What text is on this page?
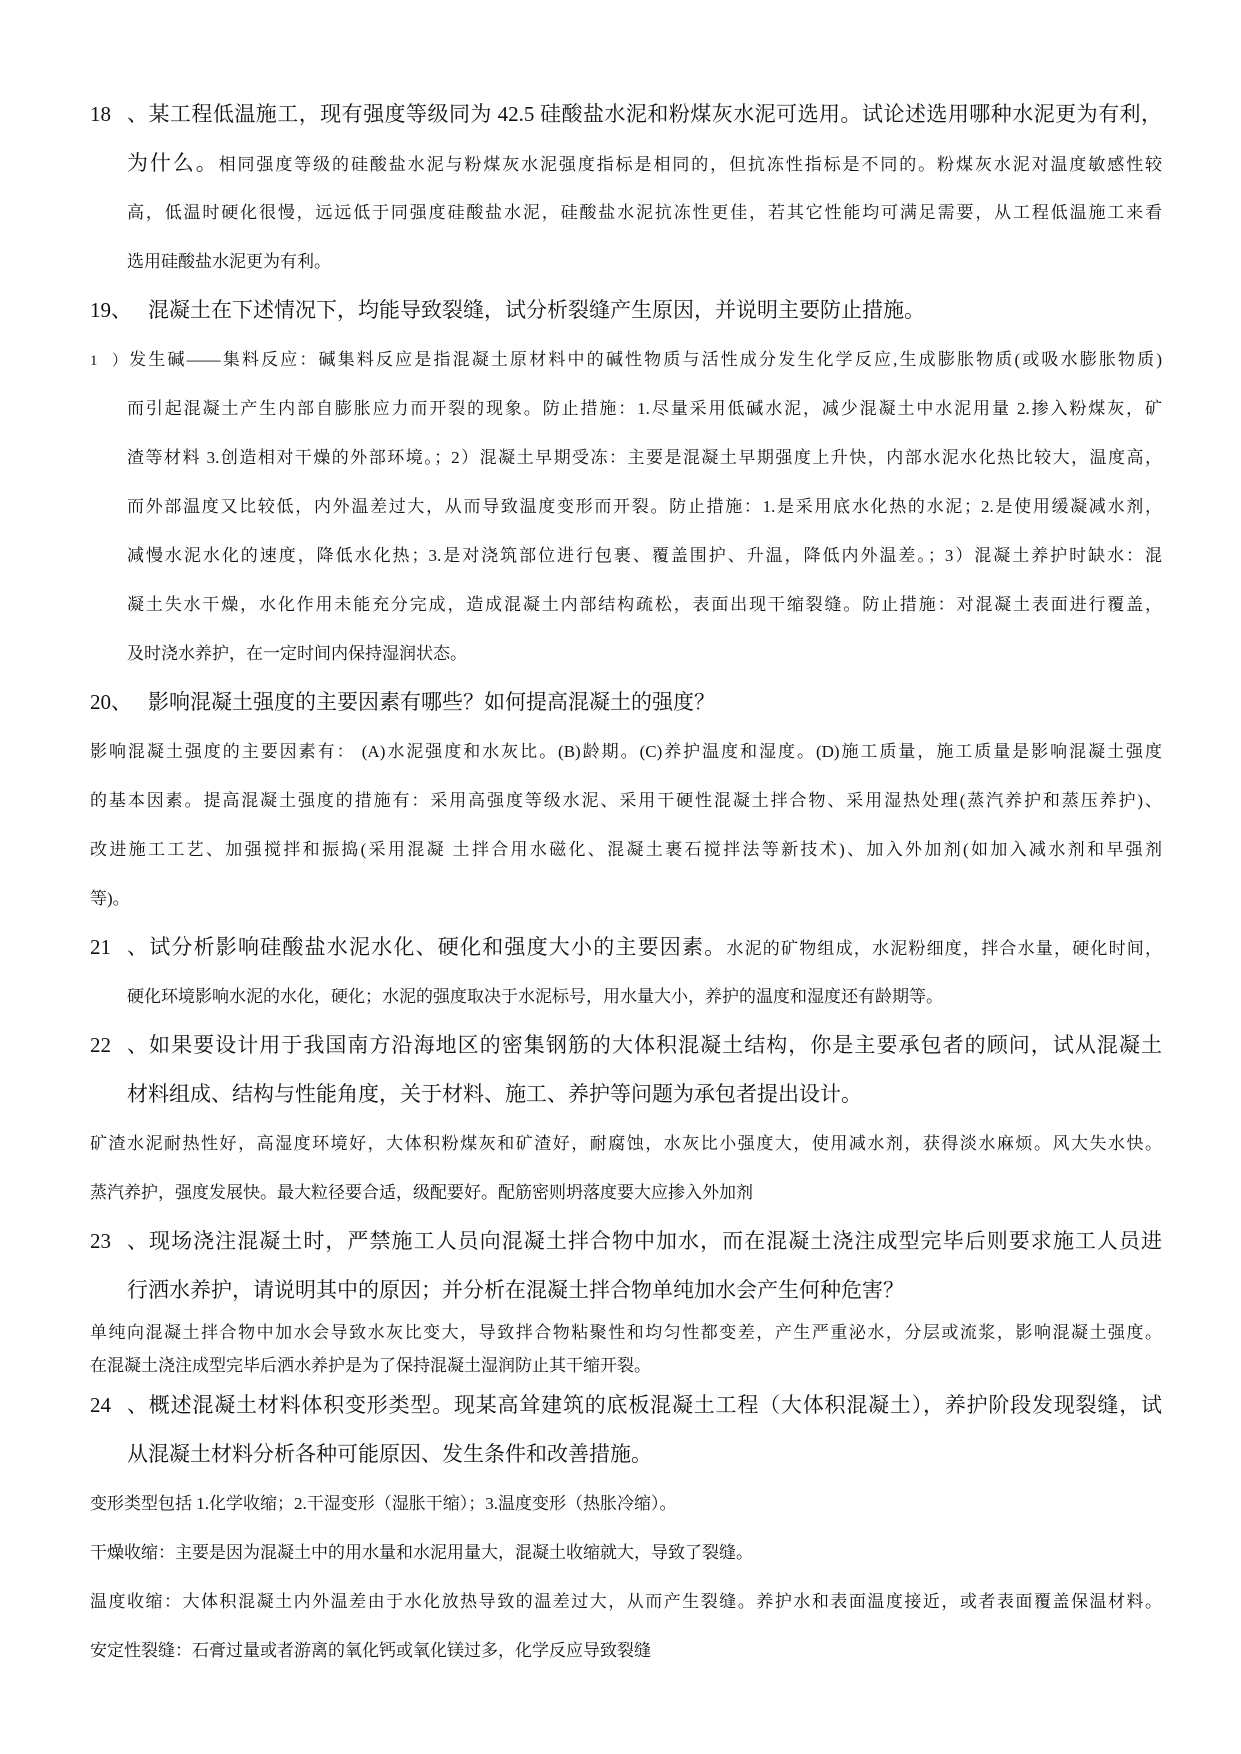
18、某工程低温施工，现有强度等级同为 42.5 硅酸盐水泥和粉煤灰水泥可选用。试论述选用哪种水泥更为有利，
为什么。相同强度等级的硅酸盐水泥与粉煤灰水泥强度指标是相同的，但抗冻性指标是不同的。粉煤灰水泥对温度敏感性较
高，低温时硬化很慢，远远低于同强度硅酸盐水泥，硅酸盐水泥抗冻性更佳，若其它性能均可满足需要，从工程低温施工来看
选用硅酸盐水泥更为有利。
19、 混凝土在下述情况下，均能导致裂缝，试分析裂缝产生原因，并说明主要防止措施。
1）发生碱——集料反应：碱集料反应是指混凝土原材料中的碱性物质与活性成分发生化学反应,生成膨胀物质(或吸水膨胀物质)
而引起混凝土产生内部自膨胀应力而开裂的现象。防止措施：1.尽量采用低碱水泥，减少混凝土中水泥用量 2.掺入粉煤灰，矿
渣等材料 3.创造相对干燥的外部环境。；2）混凝土早期受冻：主要是混凝土早期强度上升快，内部水泥水化热比较大，温度高，
而外部温度又比较低，内外温差过大，从而导致温度变形而开裂。防止措施：1.是采用底水化热的水泥；2.是使用缓凝减水剂，
减慢水泥水化的速度，降低水化热；3.是对浇筑部位进行包裹、覆盖围护、升温，降低内外温差。；3）混凝土养护时缺水：混
凝土失水干燥，水化作用未能充分完成，造成混凝土内部结构疏松，表面出现干缩裂缝。防止措施：对混凝土表面进行覆盖，
及时浇水养护，在一定时间内保持湿润状态。
20、 影响混凝土强度的主要因素有哪些？如何提高混凝土的强度？
影响混凝土强度的主要因素有： (A)水泥强度和水灰比。(B)龄期。(C)养护温度和湿度。(D)施工质量，施工质量是影响混凝土强度
的基本因素。提高混凝土强度的措施有：采用高强度等级水泥、采用干硬性混凝土拌合物、采用湿热处理(蒸汽养护和蒸压养护)、
改进施工工艺、加强搅拌和振捣(采用混凝 土拌合用水磁化、混凝土裹石搅拌法等新技术)、加入外加剂(如加入减水剂和早强剂
等)。
21、试分析影响硅酸盐水泥水化、硬化和强度大小的主要因素。水泥的矿物组成，水泥粉细度，拌合水量，硬化时间，
硬化环境影响水泥的水化，硬化；水泥的强度取决于水泥标号，用水量大小，养护的温度和湿度还有龄期等。
22、如果要设计用于我国南方沿海地区的密集钢筋的大体积混凝土结构，你是主要承包者的顾问，试从混凝土
材料组成、结构与性能角度，关于材料、施工、养护等问题为承包者提出设计。
矿渣水泥耐热性好，高湿度环境好，大体积粉煤灰和矿渣好，耐腐蚀，水灰比小强度大，使用减水剂，获得淡水麻烦。风大失水快。
蒸汽养护，强度发展快。最大粒径要合适，级配要好。配筋密则坍落度要大应掺入外加剂
23、现场浇注混凝土时，严禁施工人员向混凝土拌合物中加水，而在混凝土浇注成型完毕后则要求施工人员进
行洒水养护，请说明其中的原因；并分析在混凝土拌合物单纯加水会产生何种危害？
单纯向混凝土拌合物中加水会导致水灰比变大，导致拌合物粘聚性和均匀性都变差，产生严重泌水，分层或流浆，影响混凝土强度。
在混凝土浇注成型完毕后洒水养护是为了保持混凝土湿润防止其干缩开裂。
24、概述混凝土材料体积变形类型。现某高耸建筑的底板混凝土工程（大体积混凝土），养护阶段发现裂缝，试
从混凝土材料分析各种可能原因、发生条件和改善措施。
变形类型包括 1.化学收缩；2.干湿变形（湿胀干缩）；3.温度变形（热胀冷缩）。
干燥收缩：主要是因为混凝土中的用水量和水泥用量大，混凝土收缩就大，导致了裂缝。
温度收缩：大体积混凝土内外温差由于水化放热导致的温差过大，从而产生裂缝。养护水和表面温度接近，或者表面覆盖保温材料。
安定性裂缝：石膏过量或者游离的氧化钙或氧化镁过多，化学反应导致裂缝
